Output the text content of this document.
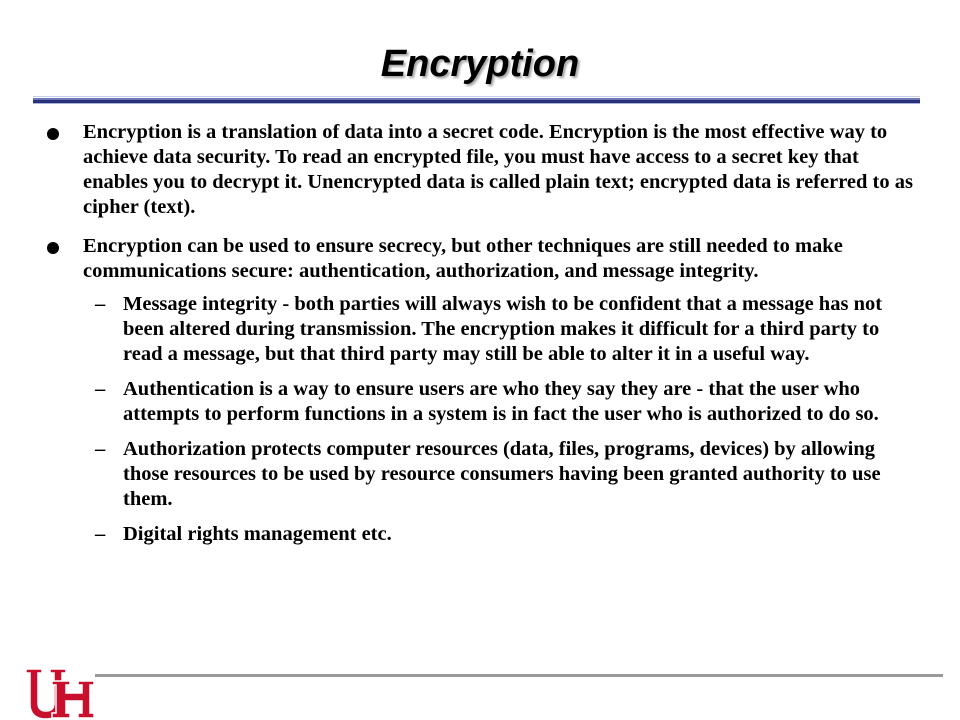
Encryption
Encryption is a translation of data into a secret code. Encryption is the most effective way to achieve data security. To read an encrypted file, you must have access to a secret key that enables you to decrypt it. Unencrypted data is called plain text; encrypted data is referred to as cipher (text).
Encryption can be used to ensure secrecy, but other techniques are still needed to make communications secure: authentication, authorization, and message integrity.
– Message integrity - both parties will always wish to be confident that a message has not been altered during transmission. The encryption makes it difficult for a third party to read a message, but that third party may still be able to alter it in a useful way.
– Authentication is a way to ensure users are who they say they are - that the user who attempts to perform functions in a system is in fact the user who is authorized to do so.
– Authorization protects computer resources (data, files, programs, devices) by allowing those resources to be used by resource consumers having been granted authority to use them.
– Digital rights management etc.
